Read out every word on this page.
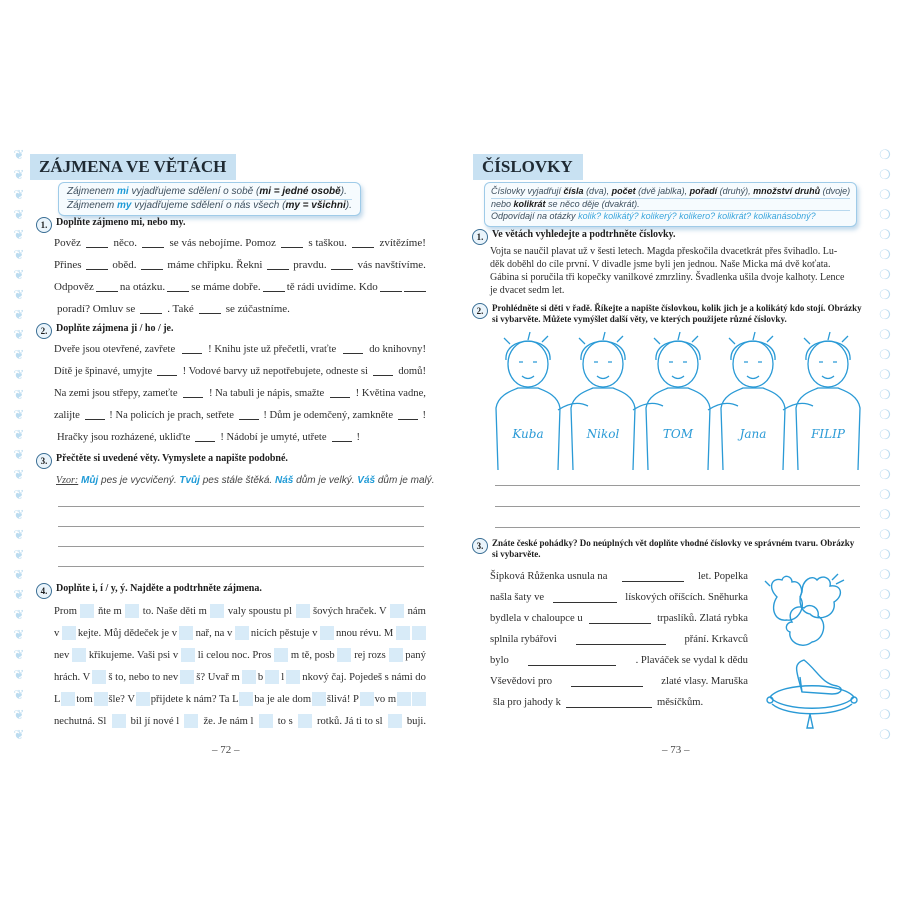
❦
❦
❦
❦
❦
❦
❦
❦
❦
❦
❦
❦
❦
❦
❦
❦
❦
❦
❦
❦
❦
❦
❦
❦
❦
❦
❦
❦
❦
❦
ZÁJMENA VE VĚTÁCH
Zájmenem mi vyjadřujeme sdělení o sobě (mi = jedné osobě).
Zájmenem my vyjadřujeme sdělení o nás všech (my = všichni).
1. Doplňte zájmeno mi, nebo my.
Pověz	něco.	se vás nebojíme. Pomoz	s taškou.	zvítězíme!
Přines	oběd.	máme chřipku. Řekni	pravdu.	vás navštívíme.
Odpověz na otázku. se máme dobře. tě rádi uvidíme. Kdo
poradí? Omluv se	. Také	se zúčastníme.
2. Doplňte zájmena ji / ho / je.
Dveře jsou otevřené, zavřete	! Knihu jste už přečetli, vraťte	do knihovny!
Dítě je špinavé, umyjte	! Vodové barvy už nepotřebujete, odneste si	domů!
Na zemi jsou střepy, zameťte	! Na tabuli je nápis, smažte	! Květina vadne,
zalijte	! Na policích je prach, setřete	! Dům je odemčený, zamkněte	!
Hračky jsou rozházené, ukliďte	! Nádobí je umyté, utřete	!
3. Přečtěte si uvedené věty. Vymyslete a napište podobné.
Vzor: Můj pes je vycvičený. Tvůj pes stále štěká. Náš dům je velký. Váš dům je malý.
4. Doplňte i, í / y, ý. Najděte a podtrhněte zájmena.
Prom ňte m to. Naše děti m valy spoustu pl šových hraček. V nám
v kejte. Můj dědeček je v nař, na v nicích pěstuje v nnou révu. M
nev křikujeme. Vaši psi v li celou noc. Pros m tě, posb rej rozs paný
hrách. V š to, nebo to nev š? Uvař m b l nkový čaj. Pojedeš s námi do
L tom šle? V přijdete k nám? Ta L ba je ale dom šlivá! P vo m
nechutná. Sl bil jí nové l že. Je nám l to s rotků. Já ti to sl buji.
– 72 –
❍
❍
❍
❍
❍
❍
❍
❍
❍
❍
❍
❍
❍
❍
❍
❍
❍
❍
❍
❍
❍
❍
❍
❍
❍
❍
❍
❍
❍
❍
ČÍSLOVKY
Číslovky vyjadřují čísla (dva), počet (dvě jablka), pořadí (druhý), množství druhů (dvoje)
nebo kolikrát se něco děje (dvakrát).
Odpovídají na otázky kolik? kolikátý? kolikerý? kolikero? kolikrát? kolikanásobný?
1. Ve větách vyhledejte a podtrhněte číslovky.
Vojta se naučil plavat už v šesti letech. Magda přeskočila dvacetkrát přes švihadlo. Lu-
děk doběhl do cíle první. V divadle jsme byli jen jednou. Naše Micka má dvě koťata.
Gábina si poručila tři kopečky vanilkové zmrzliny. Švadlenka ušila dvoje kalhoty. Lence
je dvacet sedm let.
2. Prohlédněte si děti v řadě. Říkejte a napište číslovkou, kolik jich je a kolikátý kdo stojí. Obrázky
si vybarvěte. Můžete vymýšlet další věty, ve kterých použijete různé číslovky.
Kuba	Nikol	TOM	Jana	FILIP
3. Znáte české pohádky? Do neúplných vět doplňte vhodné číslovky ve správném tvaru. Obrázky
si vybarvěte.
Šípková Růženka usnula na	let. Popelka
našla šaty ve	lískových oříšcích. Sněhurka
bydlela v chaloupce u	trpaslíků. Zlatá rybka
splnila rybářovi	přání. Krkavců
bylo	. Plaváček se vydal k dědu
Vševědovi pro	zlaté vlasy. Maruška
šla pro jahody k	měsíčkům.
– 73 –
